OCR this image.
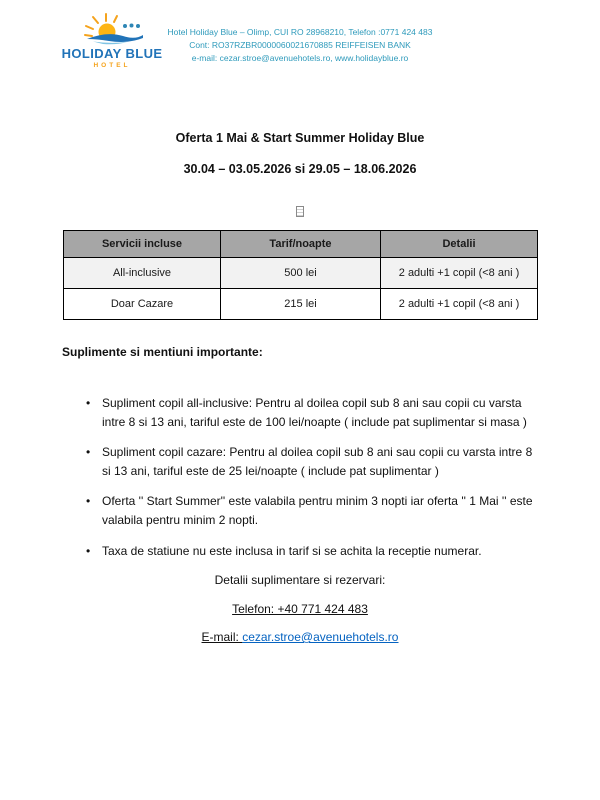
HOLIDAY BLUE
HOTEL
Hotel Holiday Blue – Olimp, CUI RO 28968210, Telefon :0771 424 483
Cont: RO37RZBR0000060021670885 REIFFEISEN BANK
e-mail: cezar.stroe@avenuehotels.ro, www.holidayblue.ro
Oferta 1 Mai & Start Summer Holiday Blue
30.04 – 03.05.2026 si 29.05 – 18.06.2026
Servicii incluse	Tarif/noapte	Detalii
All-inclusive	500 lei	2 adulti +1 copil (<8 ani )
Doar Cazare	215 lei	2 adulti +1 copil (<8 ani )
Suplimente si mentiuni importante:
• Supliment copil all-inclusive: Pentru al doilea copil sub 8 ani sau copii cu varsta intre 8 si 13 ani, tariful este de 100 lei/noapte ( include pat suplimentar si masa )
• Supliment copil cazare: Pentru al doilea copil sub 8 ani sau copii cu varsta intre 8 si 13 ani, tariful este de 25 lei/noapte ( include pat suplimentar )
• Oferta '' Start Summer'' este valabila pentru minim 3 nopti iar oferta '' 1 Mai '' este valabila pentru minim 2 nopti.
• Taxa de statiune nu este inclusa in tarif si se achita la receptie numerar.
Detalii suplimentare si rezervari:
Telefon: +40 771 424 483
E-mail: cezar.stroe@avenuehotels.ro
